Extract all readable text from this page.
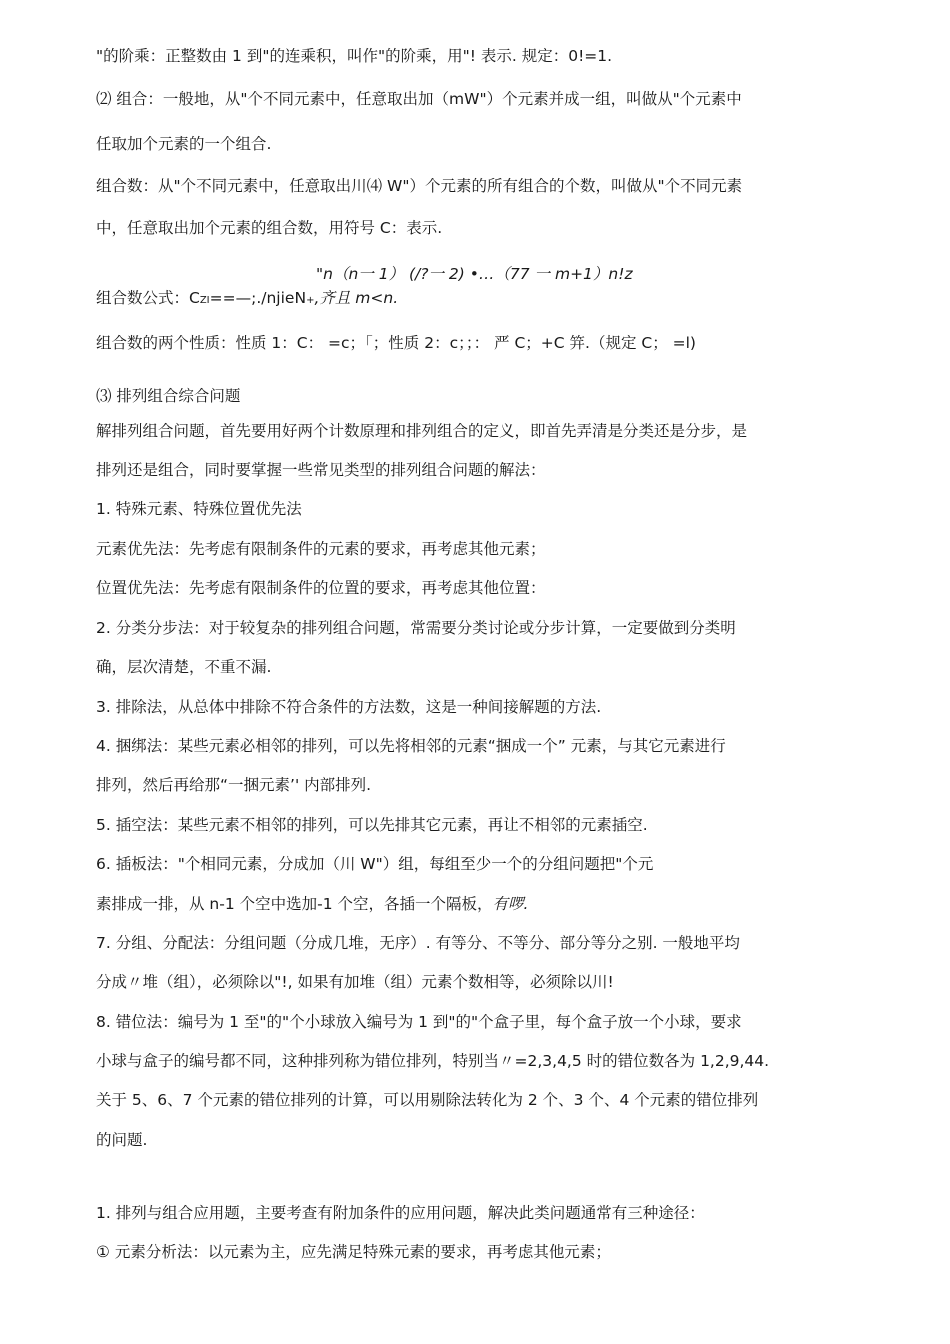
"的阶乘：正整数由 1 到"的连乘积，叫作"的阶乘，用"! 表示. 规定：0!=1.
⑵ 组合：一般地，从"个不同元素中，任意取出加（mW"）个元素并成一组，叫做从"个元素中
任取加个元素的一个组合.
组合数：从"个不同元素中，任意取出川⑷ W"）个元素的所有组合的个数，叫做从"个不同元素
中，任意取出加个元素的组合数，用符号 C：表示.
"n（n一 1） (/?一 2) •…（77 一 m+1）n!z
组合数公式：CZI==—;./njieN+,齐且 m<n.
组合数的两个性质：性质 1：C： =c；「；性质 2：c；；： 严 C；+C 笄.（规定 C； =l)
⑶ 排列组合综合问题
解排列组合问题，首先要用好两个计数原理和排列组合的定义，即首先弄清是分类还是分步，是
排列还是组合，同时要掌握一些常见类型的排列组合问题的解法：
1. 特殊元素、特殊位置优先法
元素优先法：先考虑有限制条件的元素的要求，再考虑其他元素；
位置优先法：先考虑有限制条件的位置的要求，再考虑其他位置：
2. 分类分步法：对于较复杂的排列组合问题，常需要分类讨论或分步计算，一定要做到分类明
确，层次清楚，不重不漏.
3. 排除法，从总体中排除不符合条件的方法数，这是一种间接解题的方法.
4. 捆绑法：某些元素必相邻的排列，可以先将相邻的元素“捆成一个” 元素，与其它元素进行
排列，然后再给那“一捆元素’' 内部排列.
5. 插空法：某些元素不相邻的排列，可以先排其它元素，再让不相邻的元素插空.
6. 插板法："个相同元素，分成加（川 W"）组，每组至少一个的分组问题把"个元
素排成一排，从 n-1 个空中选加-1 个空，各插一个隔板，有啰.
7. 分组、分配法：分组问题（分成几堆，无序）. 有等分、不等分、部分等分之别. 一般地平均
分成〃堆（组），必须除以"!, 如果有加堆（组）元素个数相等，必须除以川!
8. 错位法：编号为 1 至"的"个小球放入编号为 1 到"的"个盒子里，每个盒子放一个小球，要求
小球与盒子的编号都不同，这种排列称为错位排列，特别当〃=2,3,4,5 时的错位数各为 1,2,9,44.
关于 5、6、7 个元素的错位排列的计算，可以用剔除法转化为 2 个、3 个、4 个元素的错位排列
的问题.
1. 排列与组合应用题，主要考查有附加条件的应用问题，解决此类问题通常有三种途径：
① 元素分析法：以元素为主，应先满足特殊元素的要求，再考虑其他元素；
